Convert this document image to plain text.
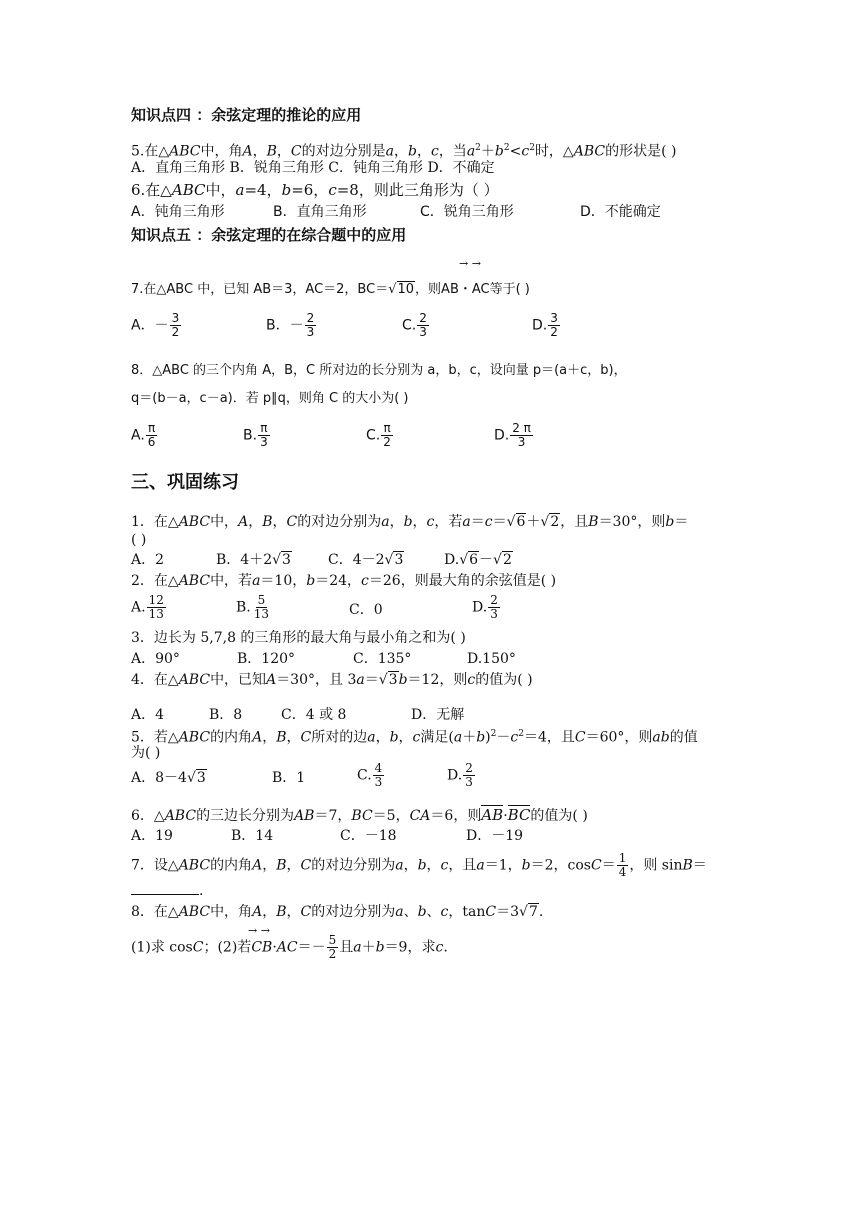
知识点四 ：余弦定理的推论的应用
5.在△ABC中，角A，B，C的对边分别是a，b，c，当$a^2+b^2<c^2$时，△ABC的形状是( )
A．直角三角形 B．锐角三角形 C．钝角三角形 D．不确定
6.在△ABC中，a=4，b=6，c=8，则此三角形为（ ）
A．钝角三角形	B．直角三角形	C．锐角三角形	D．不能确定
知识点五 ：余弦定理的在综合题中的应用
→ →
7.在△ABC 中，已知 AB＝3，AC＝2，BC＝√10，则AB・AC等于( )
A．－ $\frac{3}{2}$	B．－ $\frac{2}{3}$	C. $\frac{2}{3}$	D. $\frac{3}{2}$
8．△ABC 的三个内角 A，B，C 所对边的长分别为 a，b，c，设向量 p＝(a＋c，b)，
q＝(b－a，c－a)．若 p∥q，则角 C 的大小为( )
A. $\frac{\pi}{6}$	B. $\frac{\pi}{3}$	C. $\frac{\pi}{2}$	D. $\frac{2 \pi}{3}$
三、巩固练习
1．在△ABC中，A，B，C的对边分别为a，b，c，若a＝c＝√6＋√2，且B＝30°，则b＝
( )
A．2	B．4＋2√3	C．4－2√3	D.√6－√2
2．在△ABC中，若a＝10，b＝24，c＝26，则最大角的余弦值是( )
A. $\frac{12}{13}$	B. $\frac{5}{13}$	C．0	D. $\frac{2}{3}$
3．边长为 5,7,8 的三角形的最大角与最小角之和为( )
A．90°	B．120°	C．135°	D.150°
4．在△ABC中，已知A＝30°，且 3a＝√3b＝12，则c的值为( )
A．4	B．8	C．4 或 8	D．无解
5．若△ABC的内角A，B，C所对的边a，b，c满足$(a+b)^2-c^2=4$，且C＝60°，则ab的值
为( )
A．8－4√3	B．1	C. $\frac{4}{3}$	D. $\frac{2}{3}$
6．△ABC的三边长分别为AB＝7，BC＝5，CA＝6，则AB·BC的值为( )
A．19	B．14	C．－18	D．－19
7．设△ABC的内角A，B，C的对边分别为a，b，c，且a＝1，b＝2，$\cos C= \frac{1}{4}$ ，则 sinB＝
.
8．在△ABC中，角A，B，C的对边分别为a、b、c，tanC＝3√7.
→ →
(1)求 cosC；(2)若$CB\cdot AC=- \frac{5}{2}$ 且a＋b＝9，求c.
